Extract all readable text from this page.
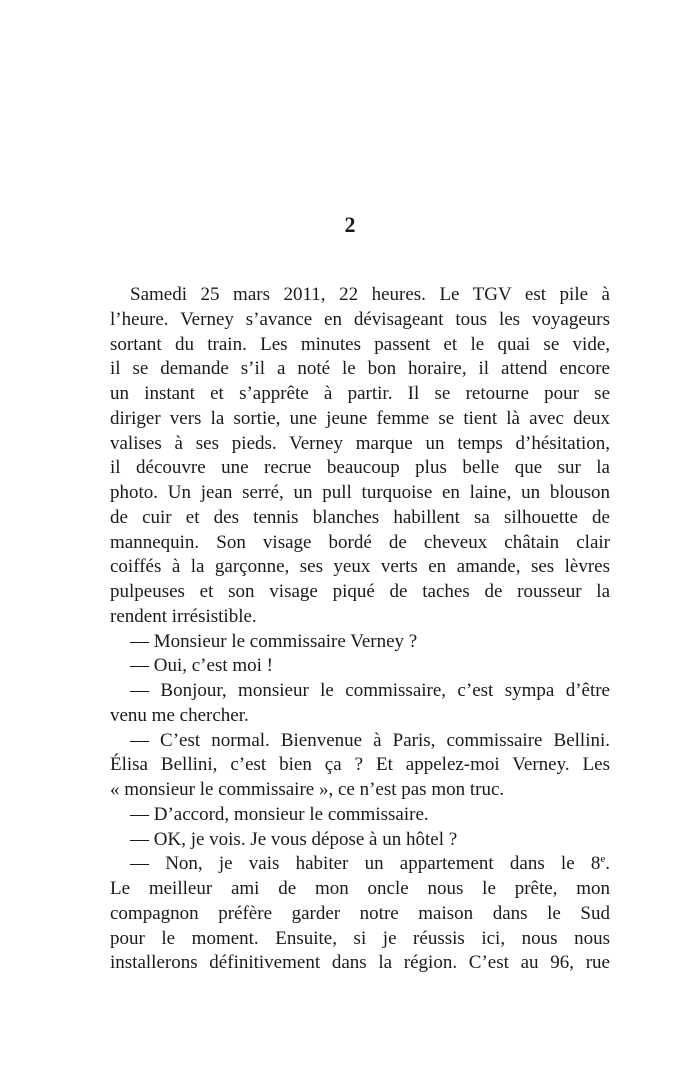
2
Samedi 25 mars 2011, 22 heures. Le TGV est pile à
l’heure. Verney s’avance en dévisageant tous les voyageurs
sortant du train. Les minutes passent et le quai se vide,
il se demande s’il a noté le bon horaire, il attend encore
un instant et s’apprête à partir. Il se retourne pour se
diriger vers la sortie, une jeune femme se tient là avec deux
valises à ses pieds. Verney marque un temps d’hésitation,
il découvre une recrue beaucoup plus belle que sur la
photo. Un jean serré, un pull turquoise en laine, un blouson
de cuir et des tennis blanches habillent sa silhouette de
mannequin. Son visage bordé de cheveux châtain clair
coiffés à la garçonne, ses yeux verts en amande, ses lèvres
pulpeuses et son visage piqué de taches de rousseur la
rendent irrésistible.
— Monsieur le commissaire Verney ?
— Oui, c’est moi !
— Bonjour, monsieur le commissaire, c’est sympa d’être
venu me chercher.
— C’est normal. Bienvenue à Paris, commissaire Bellini.
Élisa Bellini, c’est bien ça ? Et appelez-moi Verney. Les
« monsieur le commissaire », ce n’est pas mon truc.
— D’accord, monsieur le commissaire.
— OK, je vois. Je vous dépose à un hôtel ?
— Non, je vais habiter un appartement dans le 8e.
Le meilleur ami de mon oncle nous le prête, mon
compagnon préfère garder notre maison dans le Sud
pour le moment. Ensuite, si je réussis ici, nous nous
installerons définitivement dans la région. C’est au 96, rue
